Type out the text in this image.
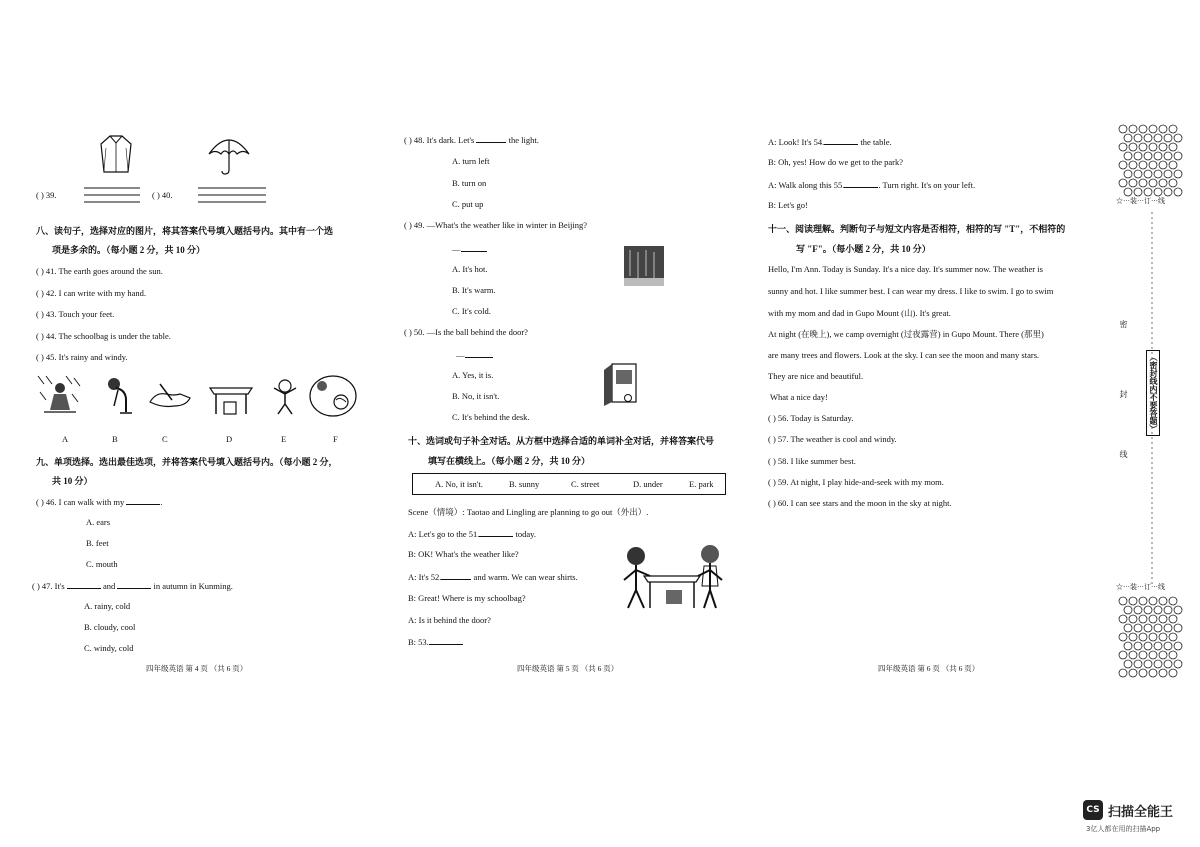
( ) 39.	( ) 40.
八、读句子，选择对应的图片，将其答案代号填入题括号内。其中有一个选
项是多余的。（每小题 2 分，共 10 分）
( ) 41. The earth goes around the sun.
( ) 42. I can write with my hand.
( ) 43. Touch your feet.
( ) 44. The schoolbag is under the table.
( ) 45. It's rainy and windy.
A	B	C	D	E	F
九、单项选择。选出最佳选项，并将答案代号填入题括号内。（每小题 2 分，
共 10 分）
( ) 46. I can walk with my	.
A. ears
B. feet
C. mouth
( ) 47. It's	and	in autumn in Kunming.
A. rainy, cold
B. cloudy, cool
C. windy, cold
四年级英语 第 4 页 （共 6 页）
( ) 48. It's dark. Let's	the light.
A. turn left
B. turn on
C. put up
( ) 49. —What's the weather like in winter in Beijing?
—
A. It's hot.
B. It's warm.
C. It's cold.
( ) 50. —Is the ball behind the door?
—
A. Yes, it is.
B. No, it isn't.
C. It's behind the desk.
十、选词或句子补全对话。从方框中选择合适的单词补全对话，并将答案代号
填写在横线上。（每小题 2 分，共 10 分）
A. No, it isn't.	B. sunny	C. street	D. under	E. park
Scene（情境）: Taotao and Lingling are planning to go out（外出）.
A: Let's go to the 51.	today.
B: OK! What's the weather like?
A: It's 52.	and warm. We can wear shirts.
B: Great! Where is my schoolbag?
A: Is it behind the door?
B: 53.
四年级英语 第 5 页 （共 6 页）
A: Look! It's 54.	the table.
B: Oh, yes! How do we get to the park?
A: Walk along this 55.	. Turn right. It's on your left.
B: Let's go!
十一、阅读理解。判断句子与短文内容是否相符，相符的写 "T"，不相符的
写 "F"。（每小题 2 分，共 10 分）
Hello, I'm Ann. Today is Sunday. It's a nice day. It's summer now. The weather is
sunny and hot. I like summer best. I can wear my dress. I like to swim. I go to swim
with my mom and dad in Gupo Mount (山). It's great.
At night (在晚上), we camp overnight (过夜露营) in Gupo Mount. There (那里)
are many trees and flowers. Look at the sky. I can see the moon and many stars.
They are nice and beautiful.
What a nice day!
( ) 56. Today is Saturday.
( ) 57. The weather is cool and windy.
( ) 58. I like summer best.
( ) 59. At night, I play hide-and-seek with my mom.
( ) 60. I can see stars and the moon in the sky at night.
四年级英语 第 6 页 （共 6 页）
☆···装···订···线
密
封
线
（密封线内不要答题）
☆···装···订···线
CS 扫描全能王
3亿人都在用的扫描App
